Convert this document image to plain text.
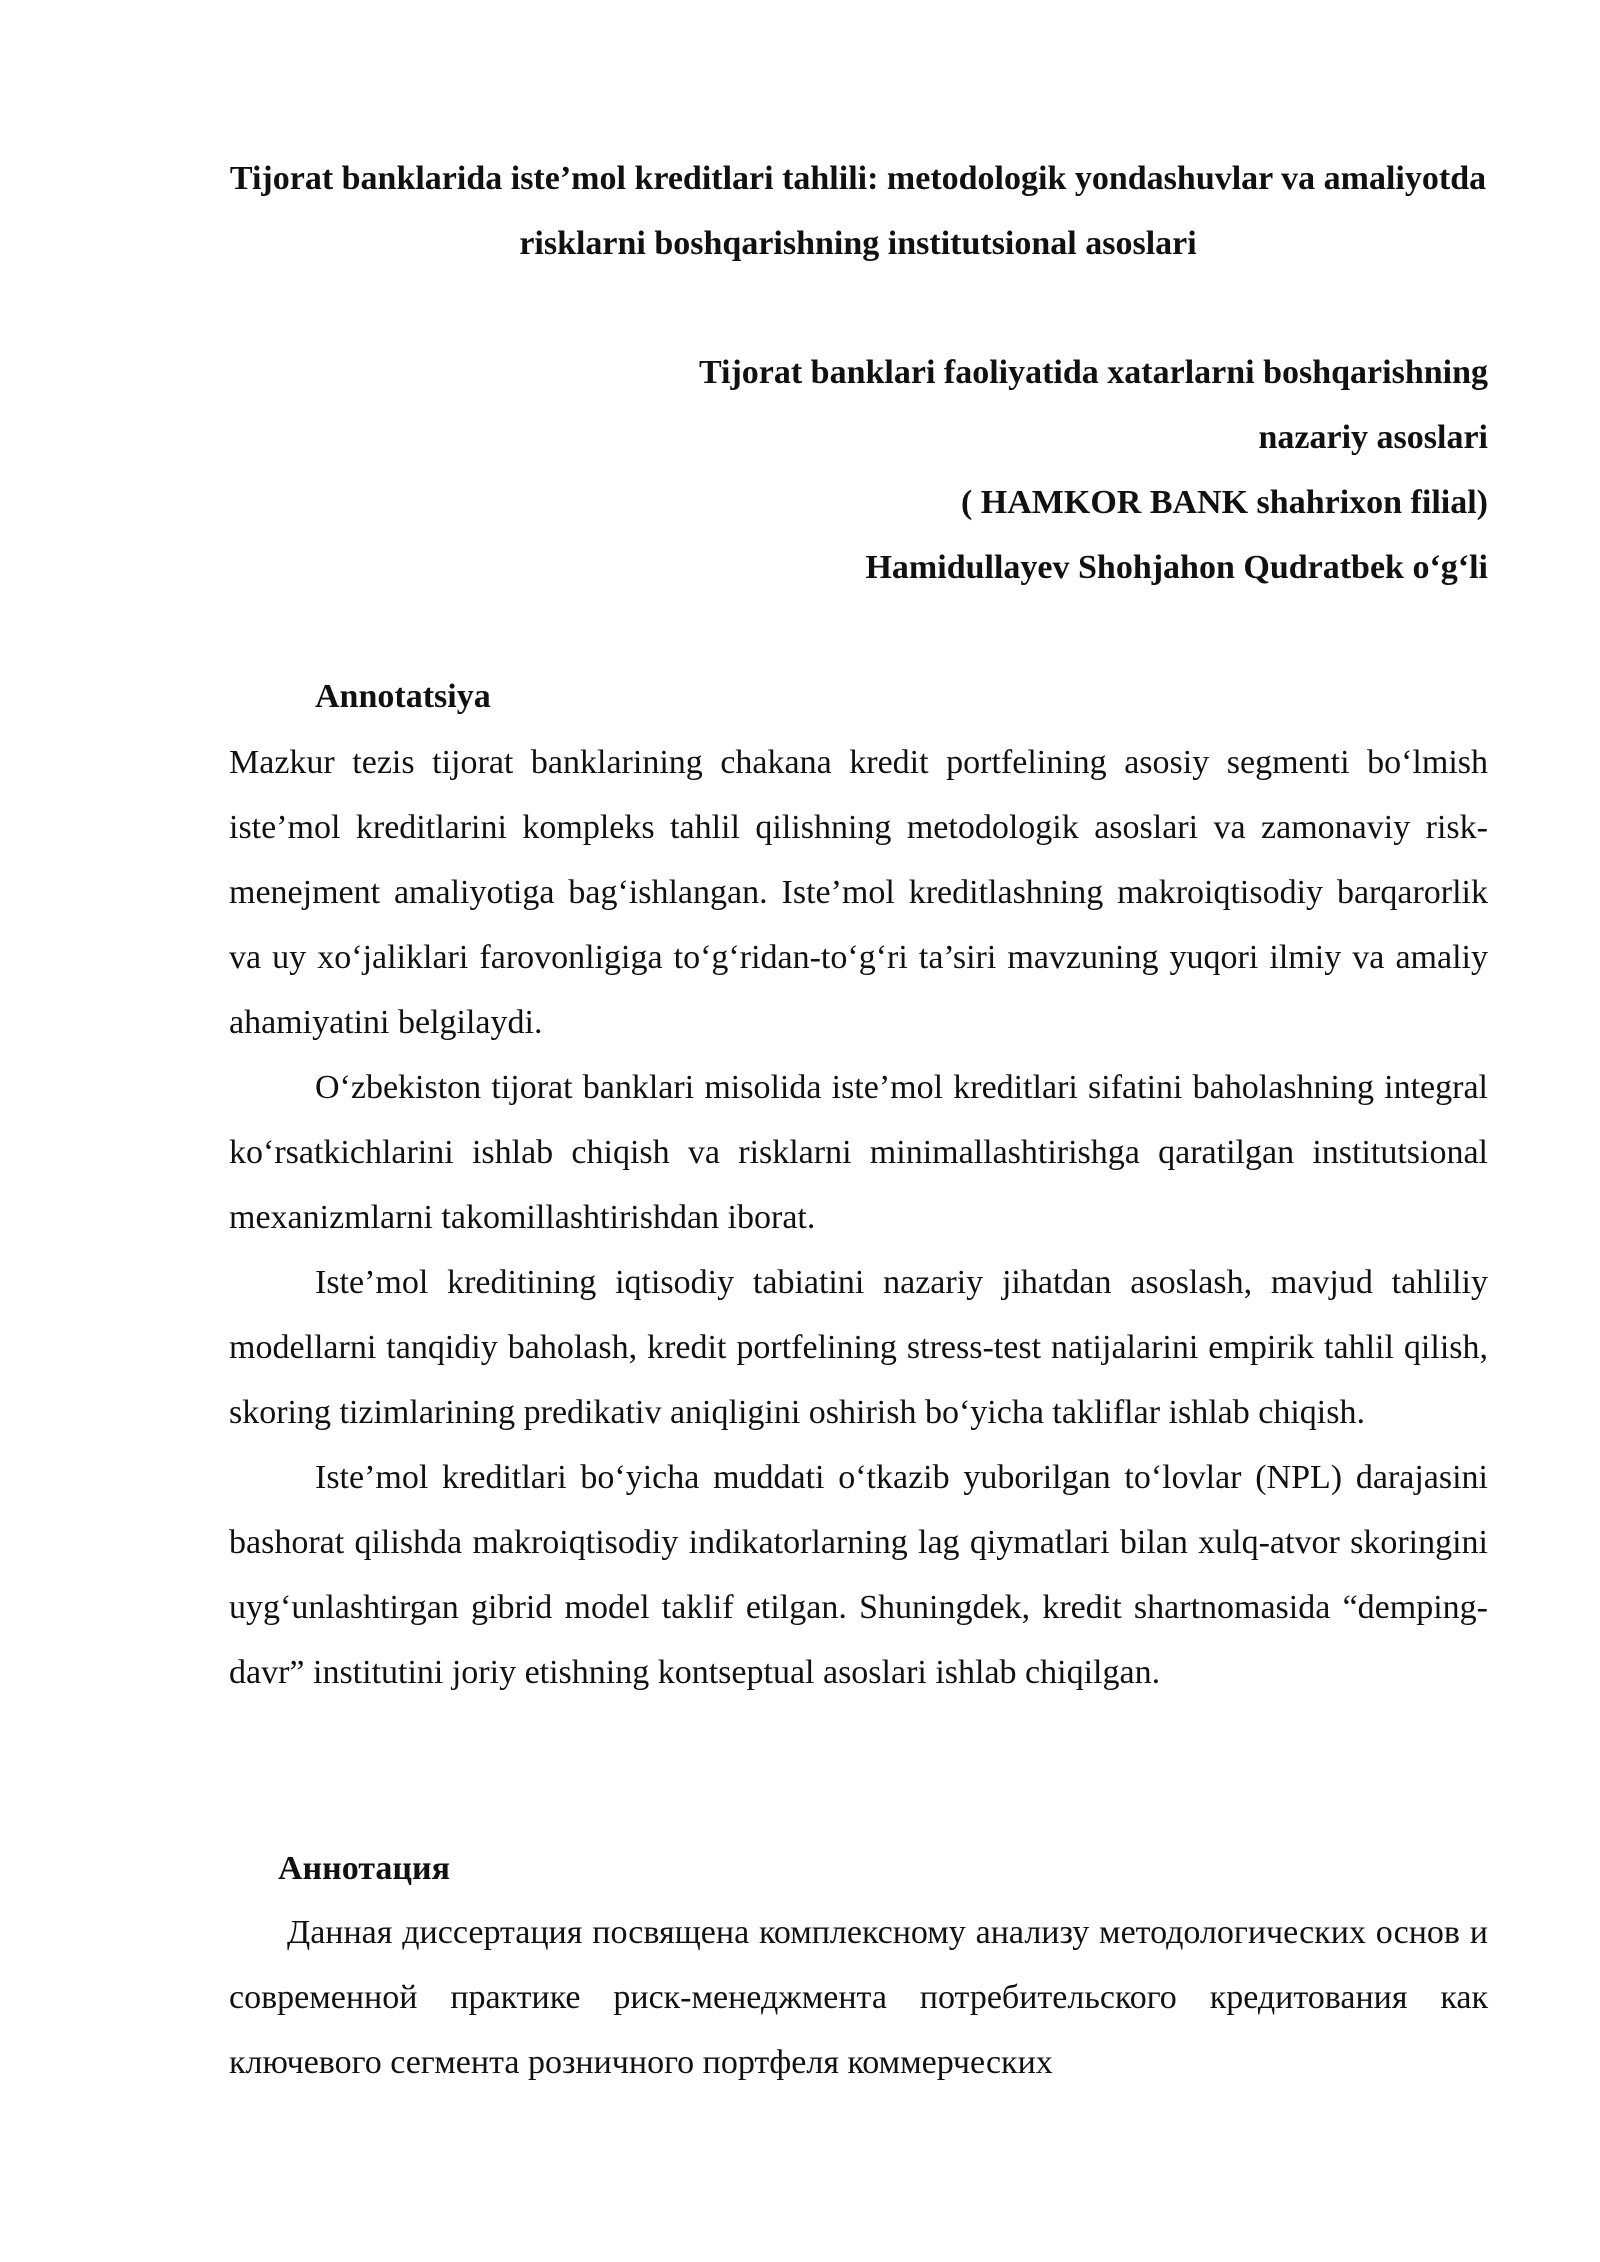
Tijorat banklarida iste’mol kreditlari tahlili: metodologik yondashuvlar va amaliyotda risklarni boshqarishning institutsional asoslari
Tijorat banklari faoliyatida xatarlarni boshqarishning
nazariy asoslari
( HAMKOR BANK shahrixon filial)
Hamidullayev Shohjahon Qudratbek o‘g‘li
Annotatsiya

Mazkur tezis tijorat banklarining chakana kredit portfelining asosiy segmenti bo‘lmish iste’mol kreditlarini kompleks tahlil qilishning metodologik asoslari va zamonaviy risk-menejment amaliyotiga bag‘ishlangan. Iste’mol kreditlashning makroiqtisodiy barqarorlik va uy xo‘jaliklari farovonligiga to‘g‘ridan-to‘g‘ri ta’siri mavzuning yuqori ilmiy va amaliy ahamiyatini belgilaydi.

O‘zbekiston tijorat banklari misolida iste’mol kreditlari sifatini baholashning integral ko‘rsatkichlarini ishlab chiqish va risklarni minimallashtirishga qaratilgan institutsional mexanizmlarni takomillashtirishdan iborat.

Iste’mol kreditining iqtisodiy tabiatini nazariy jihatdan asoslash, mavjud tahliliy modellarni tanqidiy baholash, kredit portfelining stress-test natijalarini empirik tahlil qilish, skoring tizimlarining predikativ aniqligini oshirish bo‘yicha takliflar ishlab chiqish.

Iste’mol kreditlari bo‘yicha muddati o‘tkazib yuborilgan to‘lovlar (NPL) darajasini bashorat qilishda makroiqtisodiy indikatorlarning lag qiymatlari bilan xulq-atvor skoringini uyg‘unlashtirgan gibrid model taklif etilgan. Shuningdek, kredit shartnomasida “demping-davr” institutini joriy etishning kontseptual asoslari ishlab chiqilgan.

Аннотация

Данная диссертация посвящена комплексному анализу методологических основ и современной практике риск-менеджмента потребительского кредитования как ключевого сегмента розничного портфеля коммерческих
